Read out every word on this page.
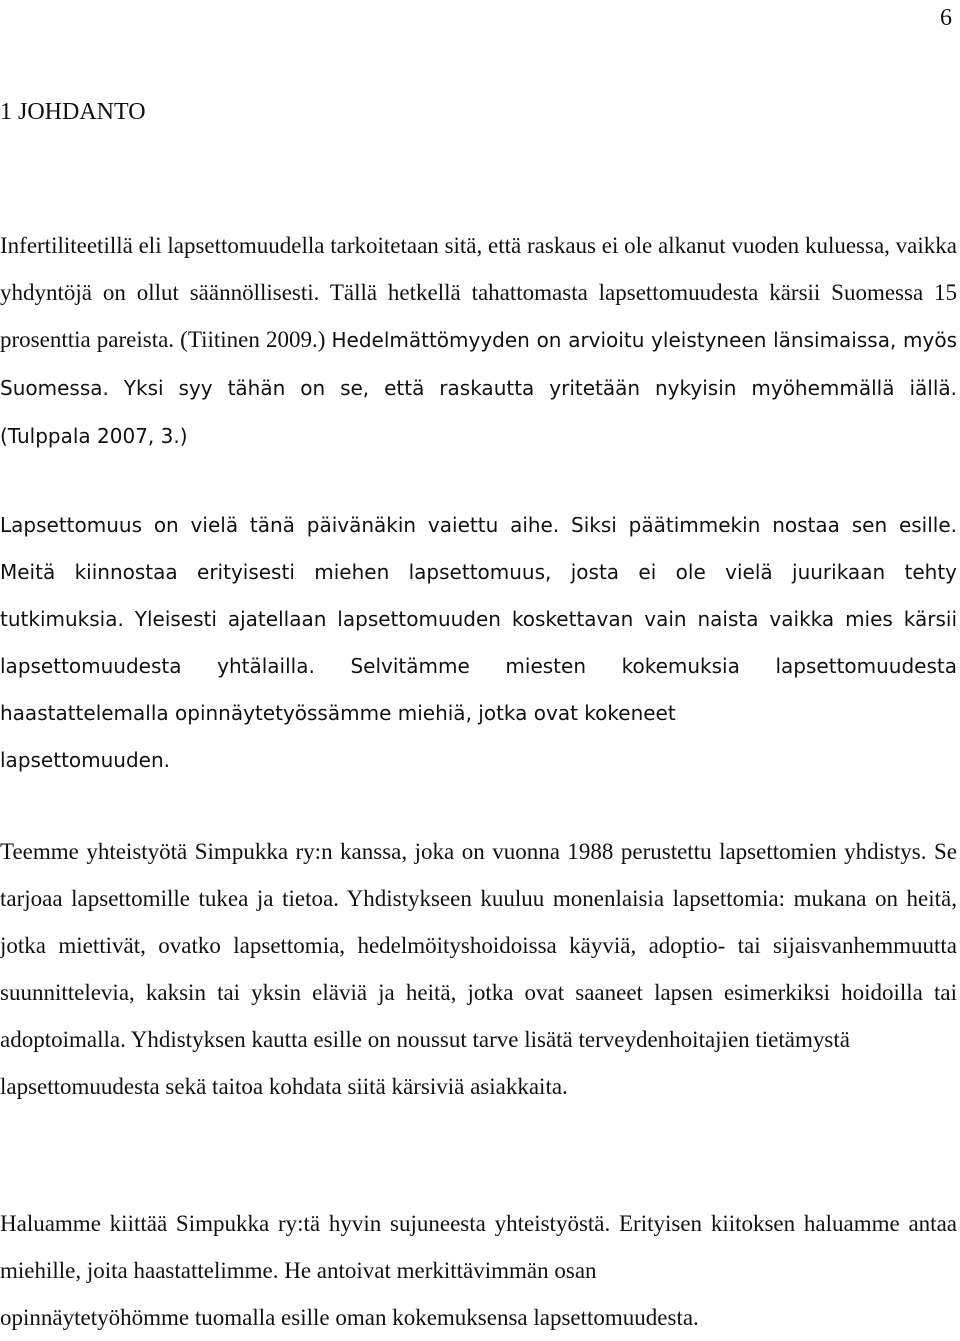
6
1 JOHDANTO

Infertiliteetillä eli lapsettomuudella tarkoitetaan sitä, että raskaus ei ole alkanut vuoden kuluessa, vaikka yhdyntöjä on ollut säännöllisesti. Tällä hetkellä tahattomasta lapsettomuudesta kärsii Suomessa 15 prosenttia pareista. (Tiitinen 2009.) Hedelmättömyyden on arvioitu yleistyneen länsimaissa, myös Suomessa. Yksi syy tähän on se, että raskautta yritetään nykyisin myöhemmällä iällä. (Tulppala 2007, 3.)

Lapsettomuus on vielä tänä päivänäkin vaiettu aihe. Siksi päätimmekin nostaa sen esille. Meitä kiinnostaa erityisesti miehen lapsettomuus, josta ei ole vielä juurikaan tehty tutkimuksia. Yleisesti ajatellaan lapsettomuuden koskettavan vain naista vaikka mies kärsii lapsettomuudesta yhtälailla. Selvitämme miesten kokemuksia lapsettomuudesta haastattelemalla opinnäytetyössämme miehiä, jotka ovat kokeneet
lapsettomuuden.

Teemme yhteistyötä Simpukka ry:n kanssa, joka on vuonna 1988 perustettu lapsettomien yhdistys. Se tarjoaa lapsettomille tukea ja tietoa. Yhdistykseen kuuluu monenlaisia lapsettomia: mukana on heitä, jotka miettivät, ovatko lapsettomia, hedelmöityshoidoissa käyviä, adoptio- tai sijaisvanhemmuutta suunnittelevia, kaksin tai yksin eläviä ja heitä, jotka ovat saaneet lapsen esimerkiksi hoidoilla tai adoptoimalla. Yhdistyksen kautta esille on noussut tarve lisätä terveydenhoitajien tietämystä
lapsettomuudesta sekä taitoa kohdata siitä kärsiviä asiakkaita.

Haluamme kiittää Simpukka ry:tä hyvin sujuneesta yhteistyöstä. Erityisen kiitoksen haluamme antaa miehille, joita haastattelimme. He antoivat merkittävimmän osan
opinnäytetyöhömme tuomalla esille oman kokemuksensa lapsettomuudesta.
